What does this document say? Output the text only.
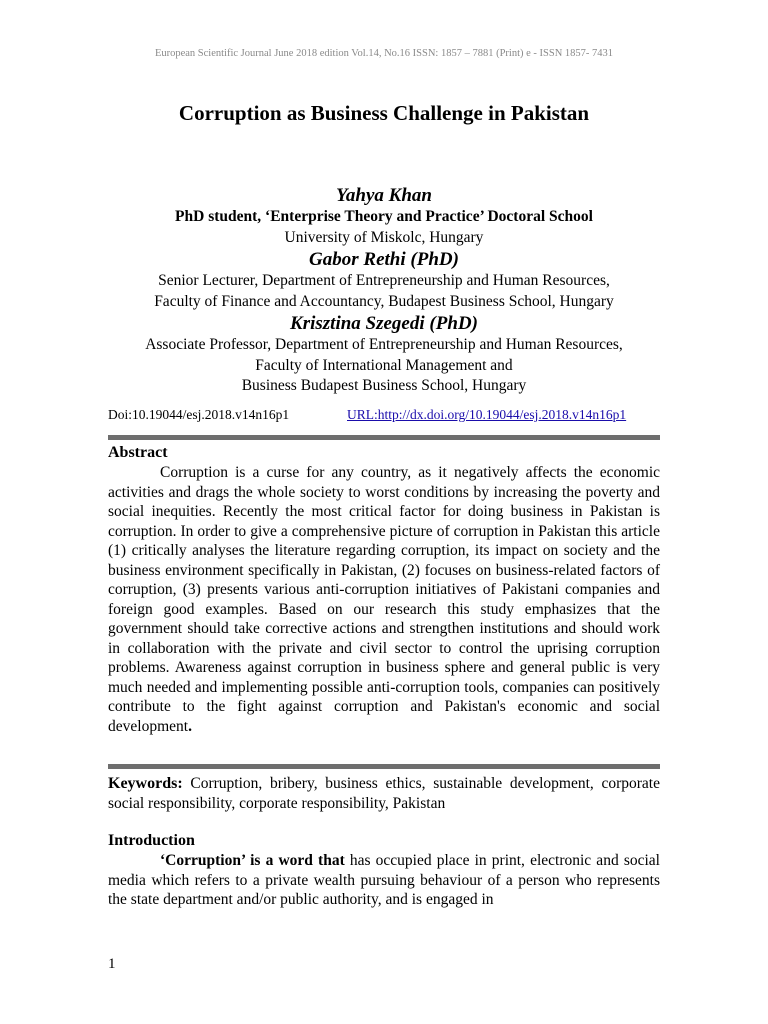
European Scientific Journal June 2018 edition Vol.14, No.16 ISSN: 1857 – 7881 (Print) e - ISSN 1857- 7431
Corruption as Business Challenge in Pakistan
Yahya Khan
PhD student, ‘Enterprise Theory and Practice’ Doctoral School
University of Miskolc, Hungary
Gabor Rethi (PhD)
Senior Lecturer, Department of Entrepreneurship and Human Resources,
Faculty of Finance and Accountancy, Budapest Business School, Hungary
Krisztina Szegedi (PhD)
Associate Professor, Department of Entrepreneurship and Human Resources,
Faculty of International Management and
Business Budapest Business School, Hungary
Doi:10.19044/esj.2018.v14n16p1	URL:http://dx.doi.org/10.19044/esj.2018.v14n16p1
Abstract

Corruption is a curse for any country, as it negatively affects the economic activities and drags the whole society to worst conditions by increasing the poverty and social inequities. Recently the most critical factor for doing business in Pakistan is corruption. In order to give a comprehensive picture of corruption in Pakistan this article (1) critically analyses the literature regarding corruption, its impact on society and the business environment specifically in Pakistan, (2) focuses on business-related factors of corruption, (3) presents various anti-corruption initiatives of Pakistani companies and foreign good examples. Based on our research this study emphasizes that the government should take corrective actions and strengthen institutions and should work in collaboration with the private and civil sector to control the uprising corruption problems. Awareness against corruption in business sphere and general public is very much needed and implementing possible anti-corruption tools, companies can positively contribute to the fight against corruption and Pakistan's economic and social development.

Keywords: Corruption, bribery, business ethics, sustainable development, corporate social responsibility, corporate responsibility, Pakistan

Introduction

‘Corruption’ is a word that has occupied place in print, electronic and social media which refers to a private wealth pursuing behaviour of a person who represents the state department and/or public authority, and is engaged in

1
